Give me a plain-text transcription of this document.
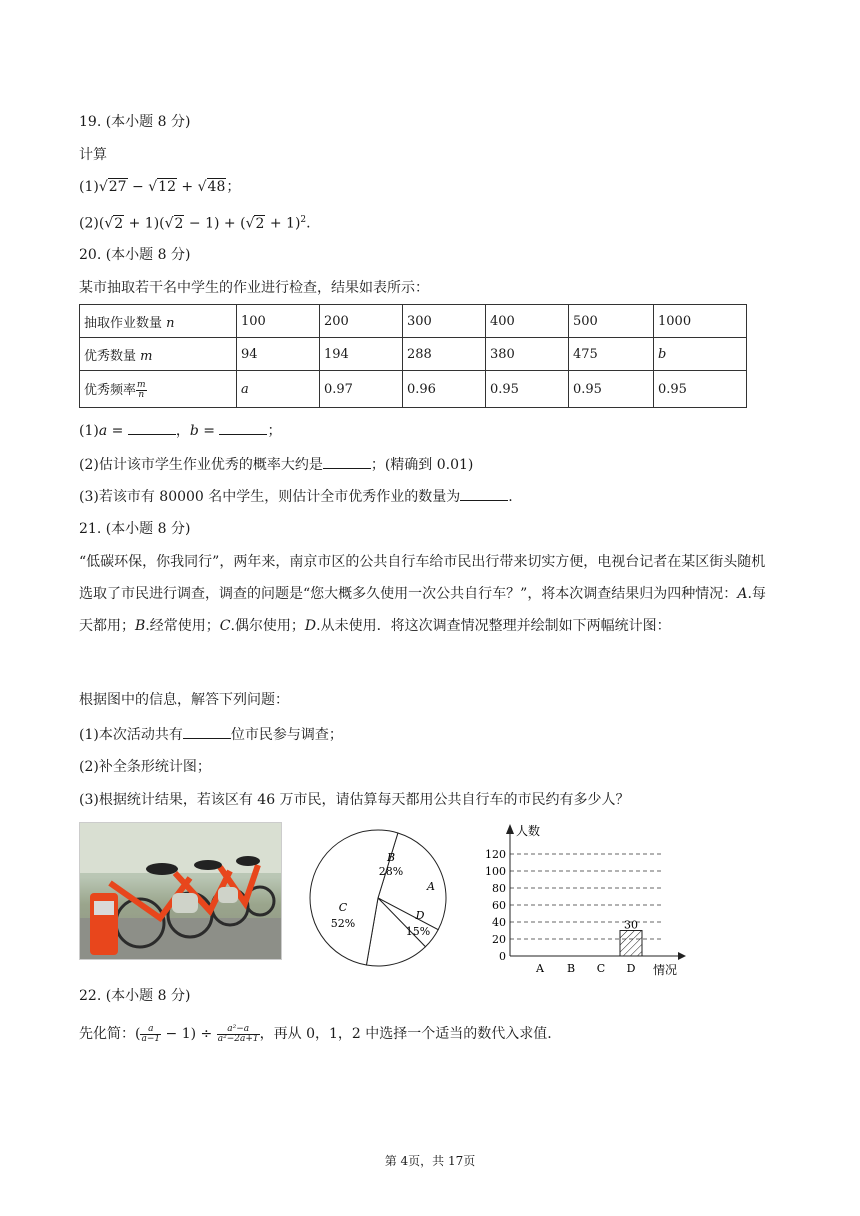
19. (本小题 8 分)
计算
(1)√27 − √12 + √48；
$(2)(√2 + 1)(√2 - 1) + (√2 + 1)^2$.
20. (本小题 8 分)
某市抽取若干名中学生的作业进行检查，结果如表所示：
抽取作业数量 n	100	200	300	400	500	1000
优秀数量 m	94	194	288	380	475	b
优秀频率 $\frac{m}{n}$	a	0.97	0.96	0.95	0.95	0.95
(1)a =	，b =	；
(2)估计该市学生作业优秀的概率大约是	；(精确到 0.01)
(3)若该市有 80000 名中学生，则估计全市优秀作业的数量为	.
21. (本小题 8 分)
“低碳环保，你我同行”，两年来，南京市区的公共自行车给市民出行带来切实方便，电视台记者在某区街头随机选取了市民进行调查，调查的问题是“您大概多久使用一次公共自行车？”，将本次调查结果归为四种情况：A.每天都用；B.经常使用；C.偶尔使用；D.从未使用．将这次调查情况整理并绘制如下两幅统计图：
根据图中的信息，解答下列问题：
(1)本次活动共有	位市民参与调查；
(2)补全条形统计图；
(3)根据统计结果，若该区有 46 万市民，请估算每天都用公共自行车的市民约有多少人？
B
28%
A
C
52%
D
15%
人数
情况
0
20
40
60
80
100
120
A B C D
30
22. (本小题 8 分)
先化简：( $\frac{a}{a-1} - 1) \div \frac{\text{a²−a}}{\text{a²−2a+1}}$ ，再从 0，1，2 中选择一个适当的数代入求值.
第 4页，共 17页
